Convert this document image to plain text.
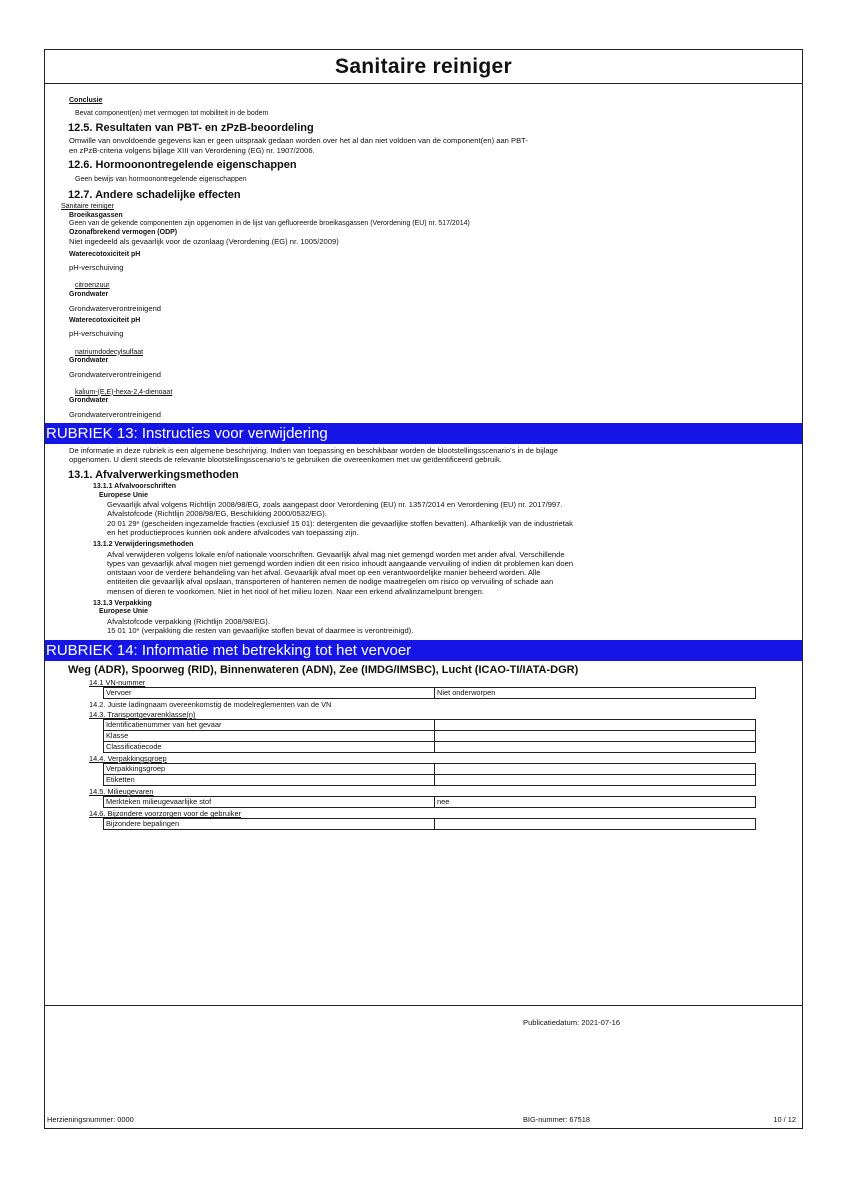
Sanitaire reiniger
Conclusie
Bevat component(en) met vermogen tot mobiliteit in de bodem
12.5. Resultaten van PBT- en zPzB-beoordeling
Omwille van onvoldoende gegevens kan er geen uitspraak gedaan worden over het al dan niet voldoen van de component(en) aan PBT-
en zPzB-criteria volgens bijlage XIII van Verordening (EG) nr. 1907/2006.
12.6. Hormoonontregelende eigenschappen
Geen bewijs van hormoonontregelende eigenschappen
12.7. Andere schadelijke effecten
Sanitaire reiniger
Broeikasgassen
Geen van de gekende componenten zijn opgenomen in de lijst van gefluoreerde broeikasgassen (Verordening (EU) nr. 517/2014)
Ozonafbrekend vermogen (ODP)
Niet ingedeeld als gevaarlijk voor de ozonlaag (Verordening (EG) nr. 1005/2009)
Waterecotoxiciteit pH
pH-verschuiving
citroenzuur
Grondwater
Grondwaterverontreinigend
Waterecotoxiciteit pH
pH-verschuiving
natriumdodecylsulfaat
Grondwater
Grondwaterverontreinigend
kalium-(E,E)-hexa-2,4-dienoaat
Grondwater
Grondwaterverontreinigend
RUBRIEK 13: Instructies voor verwijdering
De informatie in deze rubriek is een algemene beschrijving. Indien van toepassing en beschikbaar worden de blootstellingsscenario's in de bijlage
opgenomen. U dient steeds de relevante blootstellingsscenario's te gebruiken die overeenkomen met uw geïdentificeerd gebruik.
13.1. Afvalverwerkingsmethoden
13.1.1 Afvalvoorschriften
Europese Unie
Gevaarlijk afval volgens Richtlijn 2008/98/EG, zoals aangepast door Verordening (EU) nr. 1357/2014 en Verordening (EU) nr. 2017/997.
Afvalstofcode (Richtlijn 2008/98/EG, Beschikking 2000/0532/EG).
20 01 29* (gescheiden ingezamelde fracties (exclusief 15 01): detergenten die gevaarlijke stoffen bevatten). Afhankelijk van de industrietak
en het productieproces kunnen ook andere afvalcodes van toepassing zijn.
13.1.2 Verwijderingsmethoden
Afval verwijderen volgens lokale en/of nationale voorschriften. Gevaarlijk afval mag niet gemengd worden met ander afval. Verschillende
types van gevaarlijk afval mogen niet gemengd worden indien dit een risico inhoudt aangaande vervuiling of indien dit problemen kan doen
ontstaan voor de verdere behandeling van het afval. Gevaarlijk afval moet op een verantwoordelijke manier beheerd worden. Alle
entiteiten die gevaarlijk afval opslaan, transporteren of hanteren nemen de nodige maatregelen om risico op vervuiling of schade aan
mensen of dieren te voorkomen. Niet in het riool of het milieu lozen. Naar een erkend afvalinzamelpunt brengen.
13.1.3 Verpakking
Europese Unie
Afvalstofcode verpakking (Richtlijn 2008/98/EG).
15 01 10* (verpakking die resten van gevaarlijke stoffen bevat of daarmee is verontreinigd).
RUBRIEK 14: Informatie met betrekking tot het vervoer
Weg (ADR), Spoorweg (RID), Binnenwateren (ADN), Zee (IMDG/IMSBC), Lucht (ICAO-TI/IATA-DGR)
14.1 VN-nummer
Vervoer	Niet onderworpen
14.2. Juiste ladingnaam overeenkomstig de modelreglementen van de VN
14.3. Transportgevarenklasse(n)
Identificatienummer van het gevaar	
Klasse	
Classificatiecode	
14.4. Verpakkingsgroep
Verpakkingsgroep	
Etiketten	
14.5. Milieugevaren
Merkteken milieugevaarlijke stof	nee
14.6. Bijzondere voorzorgen voor de gebruiker
Bijzondere bepalingen	
Publicatiedatum: 2021-07-16
Herzieningsnummer: 0000	BIG-nummer: 67518	10 / 12
